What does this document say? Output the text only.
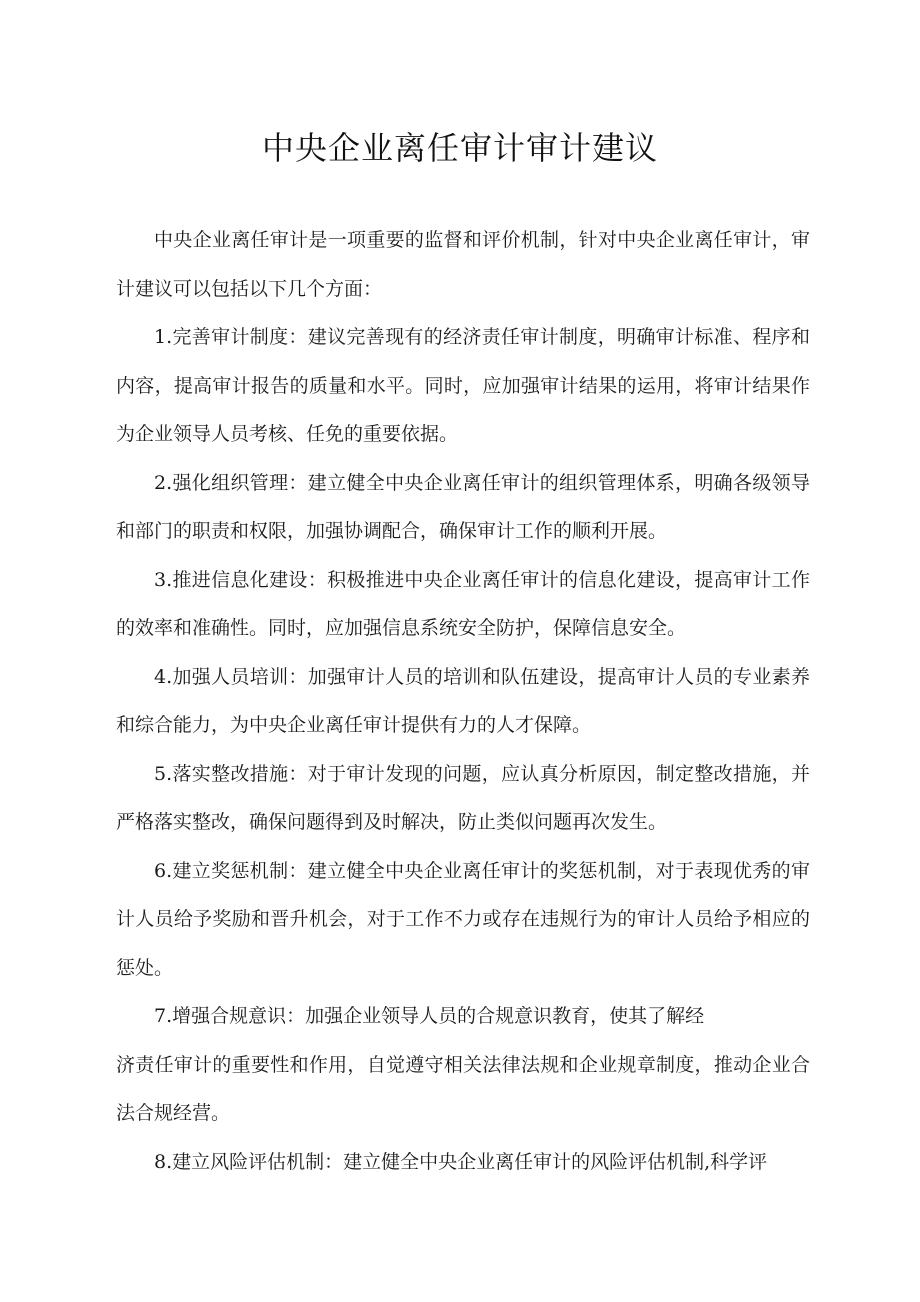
中央企业离任审计审计建议

中央企业离任审计是一项重要的监督和评价机制，针对中央企业离任审计，审计建议可以包括以下几个方面：

1.完善审计制度：建议完善现有的经济责任审计制度，明确审计标准、程序和内容，提高审计报告的质量和水平。同时，应加强审计结果的运用，将审计结果作为企业领导人员考核、任免的重要依据。

2.强化组织管理：建立健全中央企业离任审计的组织管理体系，明确各级领导和部门的职责和权限，加强协调配合，确保审计工作的顺利开展。

3.推进信息化建设：积极推进中央企业离任审计的信息化建设，提高审计工作的效率和准确性。同时，应加强信息系统安全防护，保障信息安全。

4.加强人员培训：加强审计人员的培训和队伍建设，提高审计人员的专业素养和综合能力，为中央企业离任审计提供有力的人才保障。

5.落实整改措施：对于审计发现的问题，应认真分析原因，制定整改措施，并严格落实整改，确保问题得到及时解决，防止类似问题再次发生。

6.建立奖惩机制：建立健全中央企业离任审计的奖惩机制，对于表现优秀的审计人员给予奖励和晋升机会，对于工作不力或存在违规行为的审计人员给予相应的惩处。

7.增强合规意识：加强企业领导人员的合规意识教育，使其了解经

济责任审计的重要性和作用，自觉遵守相关法律法规和企业规章制度，推动企业合法合规经营。

8.建立风险评估机制：建立健全中央企业离任审计的风险评估机制,科学评
